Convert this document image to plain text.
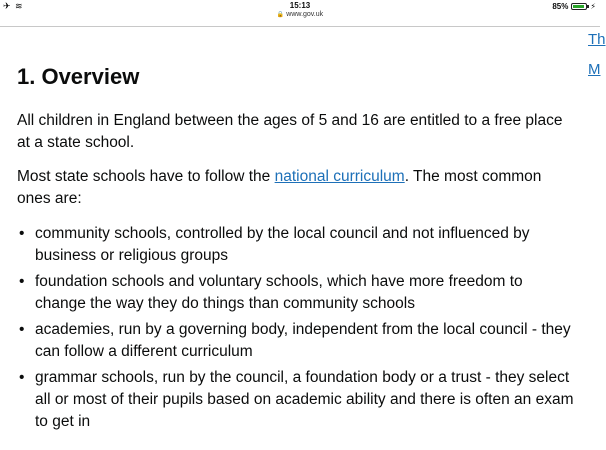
✈ ≋	15:13	85%	⚡
🔒 www.gov.uk
Th
M
1. Overview

All children in England between the ages of 5 and 16 are entitled to a free place at a state school.

Most state schools have to follow the national curriculum. The most common ones are:

• community schools, controlled by the local council and not influenced by business or religious groups
• foundation schools and voluntary schools, which have more freedom to change the way they do things than community schools
• academies, run by a governing body, independent from the local council - they can follow a different curriculum
• grammar schools, run by the council, a foundation body or a trust - they select all or most of their pupils based on academic ability and there is often an exam to get in
